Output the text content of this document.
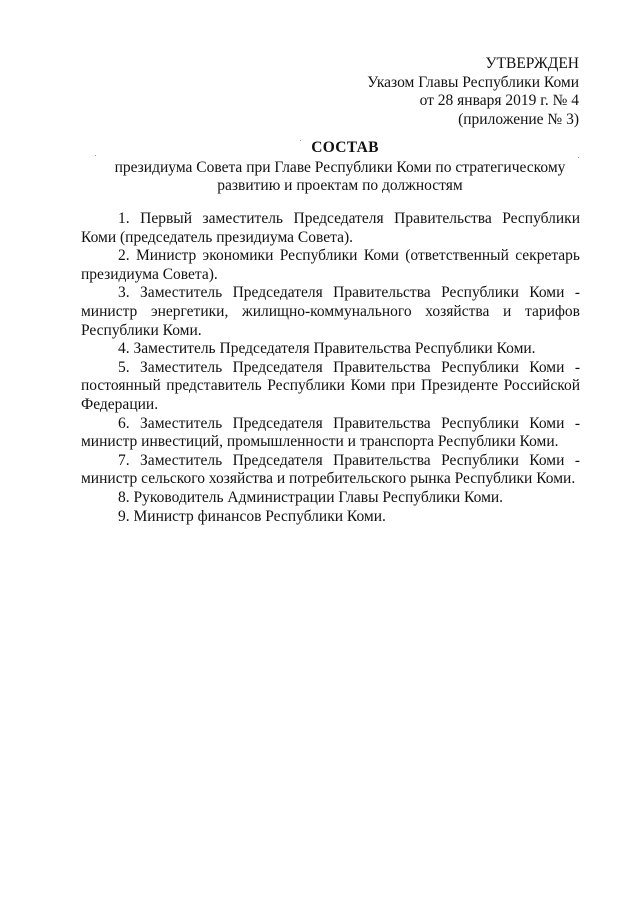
УТВЕРЖДЕН
Указом Главы Республики Коми
от 28 января 2019 г. № 4
(приложение № 3)
СОСТАВ
президиума Совета при Главе Республики Коми по стратегическому развитию и проектам по должностям

1. Первый заместитель Председателя Правительства Республики Коми (председатель президиума Совета).

2. Министр экономики Республики Коми (ответственный секретарь президиума Совета).

3. Заместитель Председателя Правительства Республики Коми - министр энергетики, жилищно-коммунального хозяйства и тарифов Республики Коми.

4. Заместитель Председателя Правительства Республики Коми.

5. Заместитель Председателя Правительства Республики Коми - постоянный представитель Республики Коми при Президенте Российской Федерации.

6. Заместитель Председателя Правительства Республики Коми - министр инвестиций, промышленности и транспорта Республики Коми.

7. Заместитель Председателя Правительства Республики Коми - министр сельского хозяйства и потребительского рынка Республики Коми.

8. Руководитель Администрации Главы Республики Коми.

9. Министр финансов Республики Коми.
